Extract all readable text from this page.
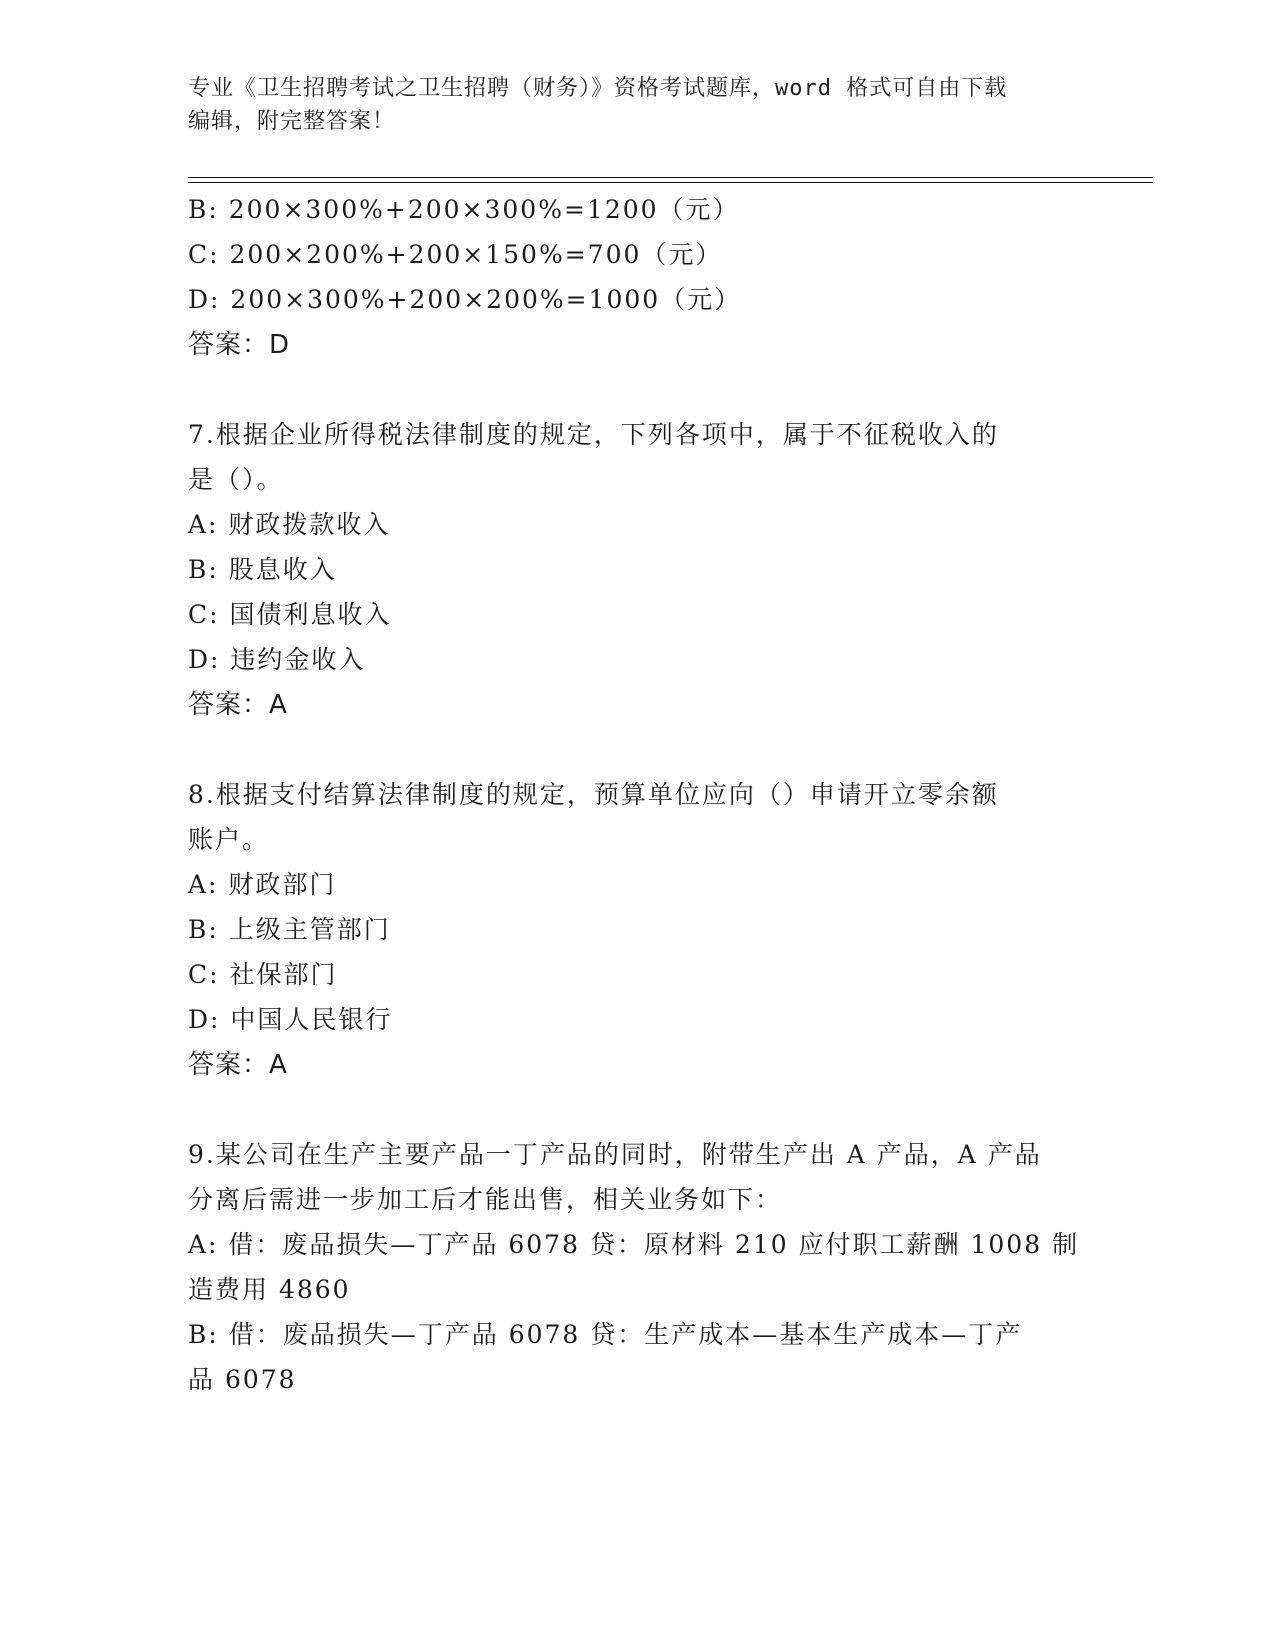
专业《卫生招聘考试之卫生招聘（财务）》资格考试题库，word 格式可自由下载
编辑，附完整答案！
B: 200×300%+200×300%=1200（元）
C: 200×200%+200×150%=700（元）
D: 200×300%+200×200%=1000（元）
答案：D
7.根据企业所得税法律制度的规定，下列各项中，属于不征税收入的
是（）。
A: 财政拨款收入
B: 股息收入
C: 国债利息收入
D: 违约金收入
答案：A
8.根据支付结算法律制度的规定，预算单位应向（）申请开立零余额
账户。
A: 财政部门
B: 上级主管部门
C: 社保部门
D: 中国人民银行
答案：A
9.某公司在生产主要产品一丁产品的同时，附带生产出 A 产品，A 产品
分离后需进一步加工后才能出售，相关业务如下：
A: 借：废品损失—丁产品 6078 贷：原材料 210 应付职工薪酬 1008 制
造费用 4860
B: 借：废品损失—丁产品 6078 贷：生产成本—基本生产成本—丁产
品 6078
